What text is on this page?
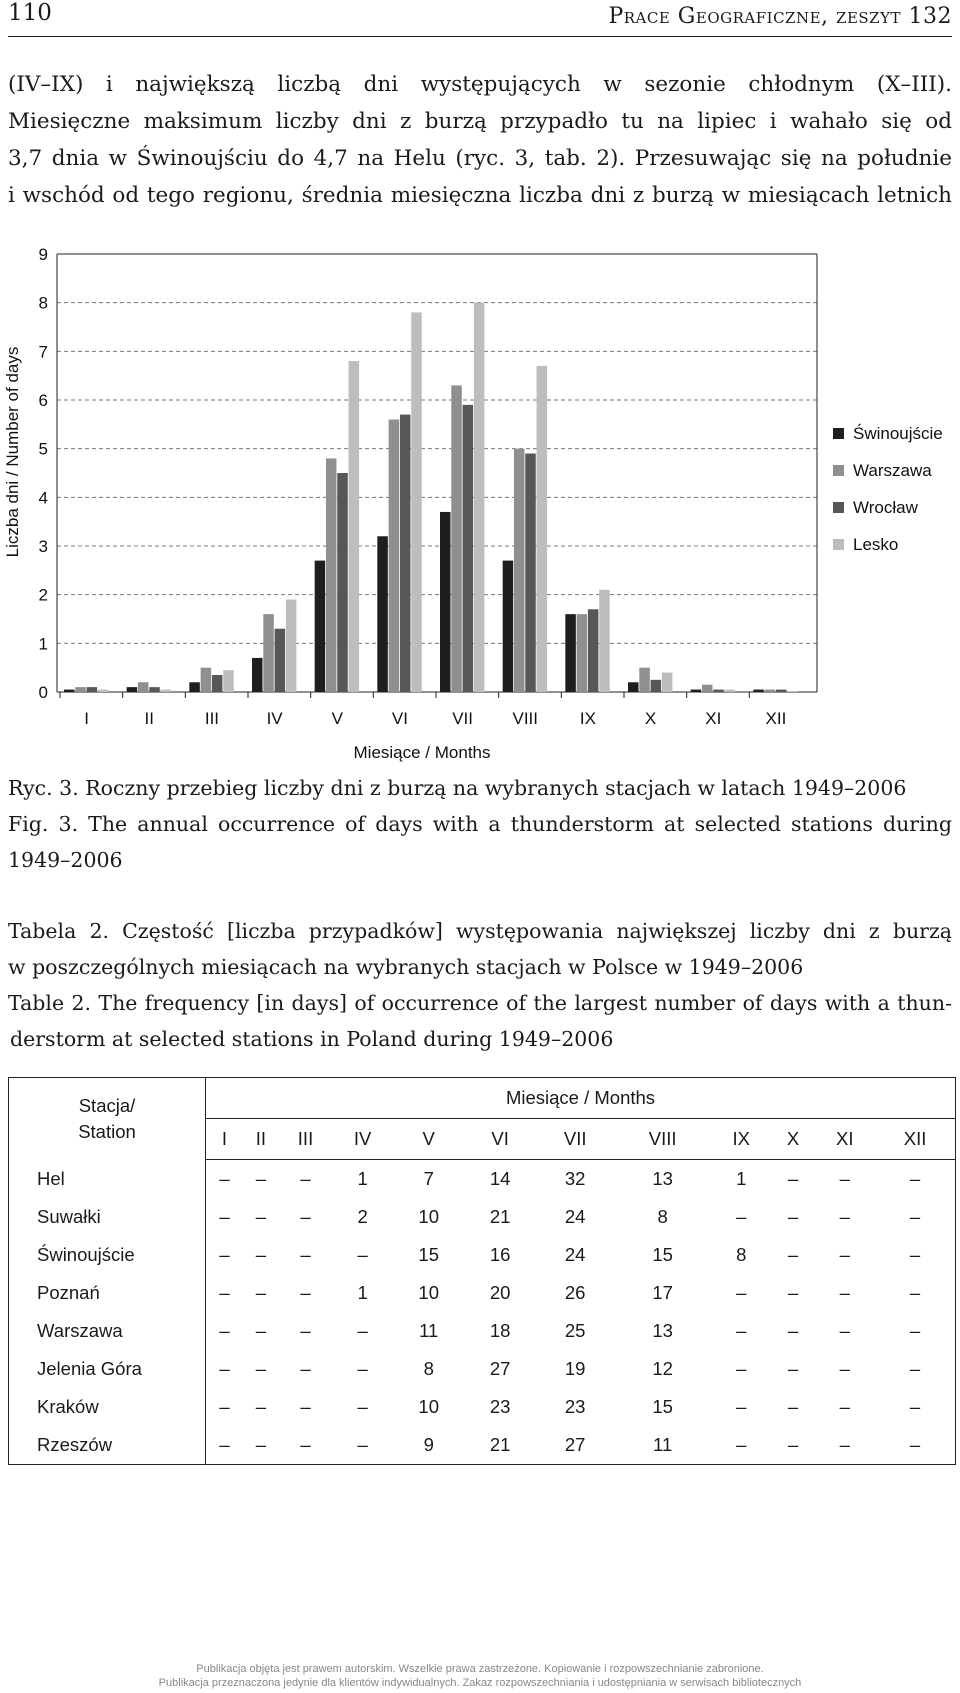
110	Prace Geograficzne, zeszyt 132
(IV–IX) i największą liczbą dni występujących w sezonie chłodnym (X–III).
Miesięczne maksimum liczby dni z burzą przypadło tu na lipiec i wahało się od
3,7 dnia w Świnoujściu do 4,7 na Helu (ryc. 3, tab. 2). Przesuwając się na południe
i wschód od tego regionu, średnia miesięczna liczba dni z burzą w miesiącach letnich
0
1
2
3
4
5
6
7
8
9
I	II	III	IV	V	VI	VII VIII IX	X	XI	XII
Miesiące / Months
Liczba dni / Number of days	Świnoujście
Warszawa
Wrocław
Lesko
Ryc. 3. Roczny przebieg liczby dni z burzą na wybranych stacjach w latach 1949–2006
Fig. 3. The annual occurrence of days with a thunderstorm at selected stations during
1949–2006
Tabela 2. Częstość [liczba przypadków] występowania największej liczby dni z burzą
w poszczególnych miesiącach na wybranych stacjach w Polsce w 1949–2006
Table 2. The frequency [in days] of occurrence of the largest number of days with a thun-
derstorm at selected stations in Poland during 1949–2006
Stacja/
Station	Miesiące / Months											
	I	II	III	IV	V	VI	VII	VIII	IX	X	XI	XII
Hel	–	–	–	1	7	14	32	13	1	–	–	–
Suwałki	–	–	–	2	10	21	24	8	–	–	–	–
Świnoujście	–	–	–	–	15	16	24	15	8	–	–	–
Poznań	–	–	–	1	10	20	26	17	–	–	–	–
Warszawa	–	–	–	–	11	18	25	13	–	–	–	–
Jelenia Góra	–	–	–	–	8	27	19	12	–	–	–	–
Kraków	–	–	–	–	10	23	23	15	–	–	–	–
Rzeszów	–	–	–	–	9	21	27	11	–	–	–	–
Publikacja objęta jest prawem autorskim. Wszelkie prawa zastrzeżone. Kopiowanie i rozpowszechnianie zabronione.
Publikacja przeznaczona jedynie dla klientów indywidualnych. Zakaz rozpowszechniania i udostępniania w serwisach bibliotecznych
